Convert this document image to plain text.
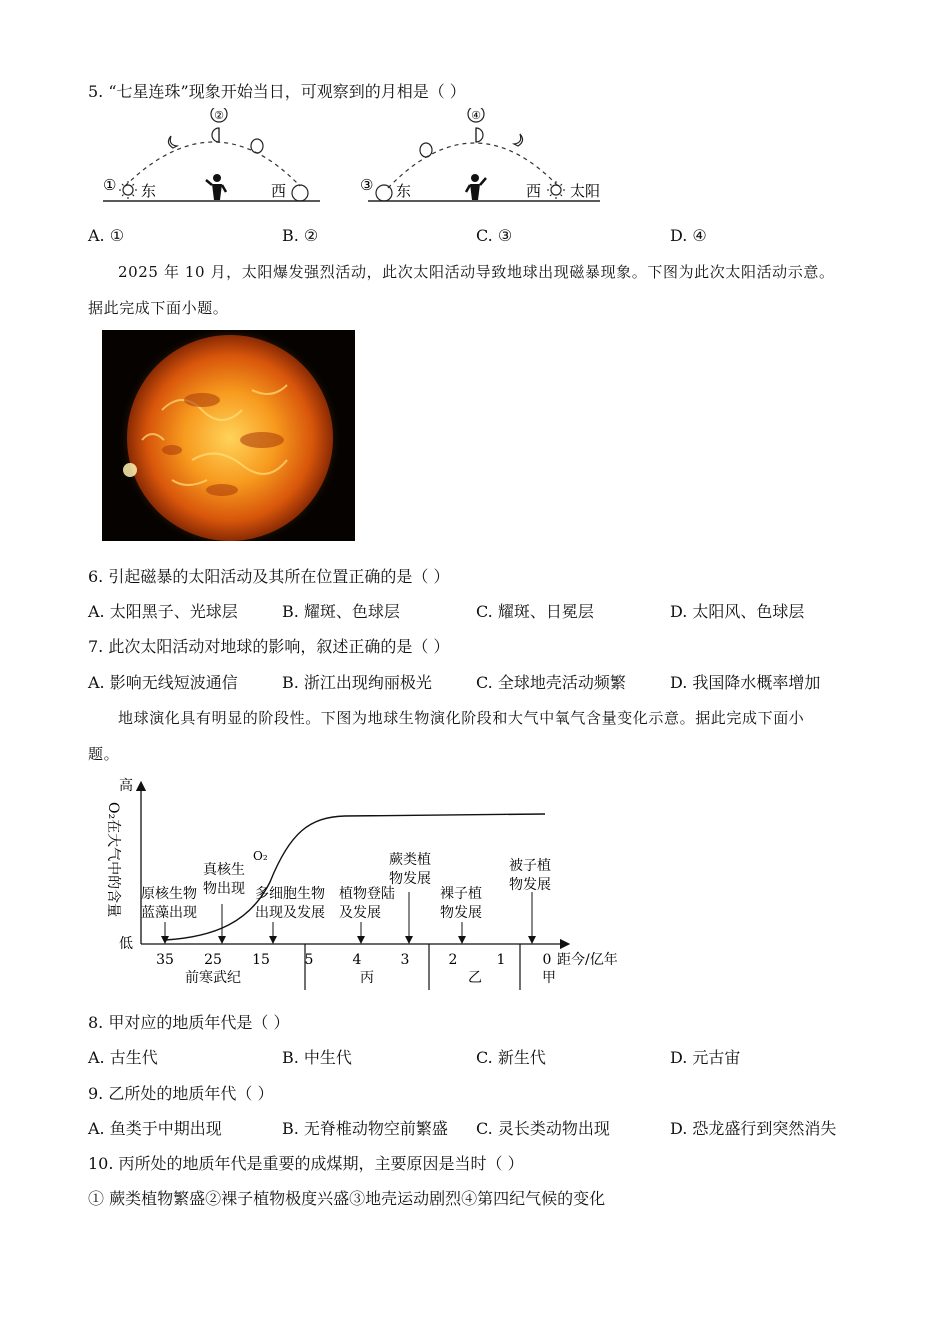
5. “七星连珠”现象开始当日，可观察到的月相是（ ）
① 东
②
西	③ 东
④
西 太阳
A. ①	B. ②	C. ③	D. ④
2025 年 10 月，太阳爆发强烈活动，此次太阳活动导致地球出现磁暴现象。下图为此次太阳活动示意。
据此完成下面小题。
6. 引起磁暴的太阳活动及其所在位置正确的是（ ）
A. 太阳黑子、光球层	B. 耀斑、色球层	C. 耀斑、日冕层	D. 太阳风、色球层
7. 此次太阳活动对地球的影响，叙述正确的是（ ）
A. 影响无线短波通信	B. 浙江出现绚丽极光	C. 全球地壳活动频繁	D. 我国降水概率增加
地球演化具有明显的阶段性。下图为地球生物演化阶段和大气中氧气含量变化示意。据此完成下面小
题。
高
低
O₂在大气中的含量	O₂
35 25 15 5	4	3	2	1	0 距今/亿年
前寒武纪	丙	乙	甲
原核生物
蓝藻出现
真核生
物出现 多细胞生物
出现及发展
植物登陆
及发展
蕨类植
物发展
裸子植
物发展
被子植
物发展
8. 甲对应的地质年代是（ ）
A. 古生代	B. 中生代	C. 新生代	D. 元古宙
9. 乙所处的地质年代（ ）
A. 鱼类于中期出现	B. 无脊椎动物空前繁盛 C. 灵长类动物出现	D. 恐龙盛行到突然消失
10. 丙所处的地质年代是重要的成煤期，主要原因是当时（ ）
① 蕨类植物繁盛②裸子植物极度兴盛③地壳运动剧烈④第四纪气候的变化
